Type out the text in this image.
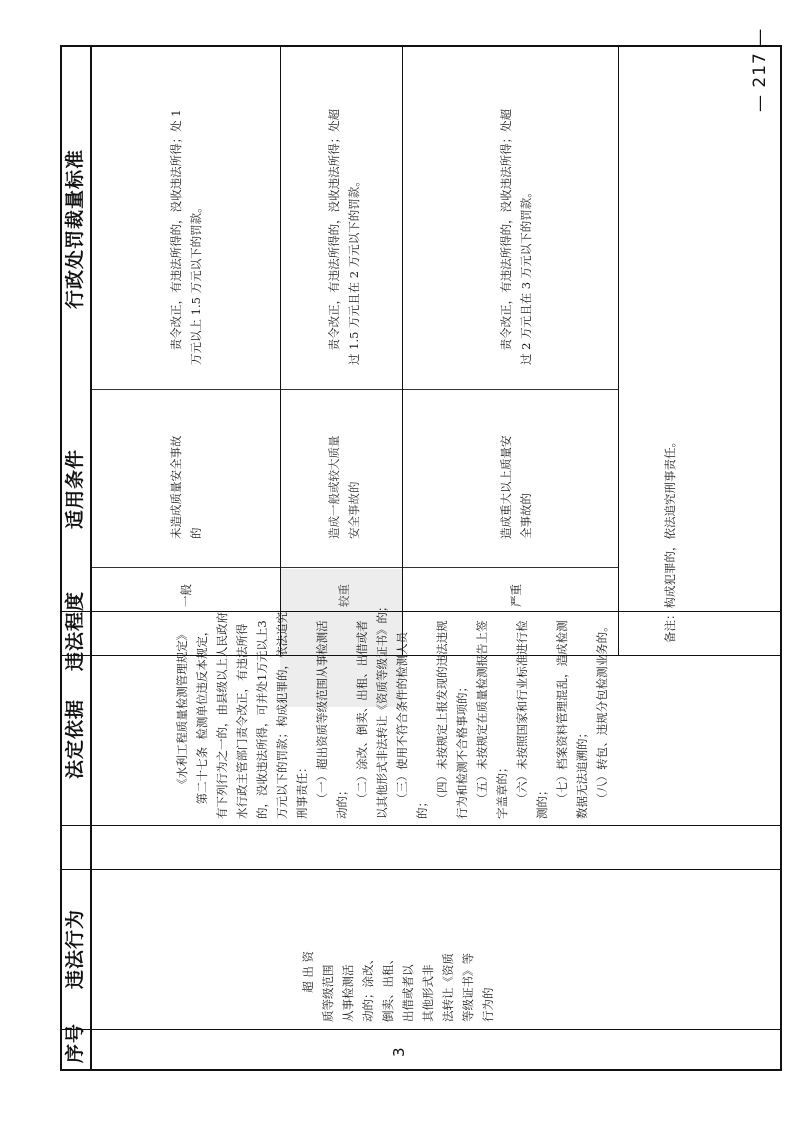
序号
违法行为
法定依据
违法程度
适用条件
行政处罚裁量标准
3
超 出 资 质等级范围 从事检测活 动的；涂改、 倒卖、出租、 出借或者以 其他形式非 法转让《资质 等级证书》等 行为的
《水利工程质量检测管理规定》 第二十七条  检测单位违反本规定， 有下列行为之一的，由县级以上人民政府 水行政主管部门责令改正，有违法所得 的，没收违法所得，可并处1万元以上3 万元以下的罚款；构成犯罪的，依法追究 刑事责任： （一）超出资质等级范围从事检测活 动的； （二）涂改、倒卖、出租、出借或者 以其他形式非法转让《资质等级证书》的； （三）使用不符合条件的检测人员 的； （四）未按规定上报发现的违法违规 行为和检测不合格事项的； （五）未按规定在质量检测报告上签 字盖章的； （六）未按照国家和行业标准进行检 测的； （七）档案资料管理混乱，造成检测 数据无法追溯的； （八）转包、违规分包检测业务的。
一般
未造成质量安全事故 的
责令改正，有违法所得的，没收违法所得；处 1 万元以上 1.5 万元以下的罚款。
较重
造成一般或较大质量 安全事故的
责令改正，有违法所得的，没收违法所得；处超 过 1.5 万元且在 2 万元以下的罚款。
严重
造成重大以上质量安 全事故的
责令改正，有违法所得的，没收违法所得；处超 过 2 万元且在 3 万元以下的罚款。
备注：构成犯罪的，依法追究刑事责任。
— 217 —
